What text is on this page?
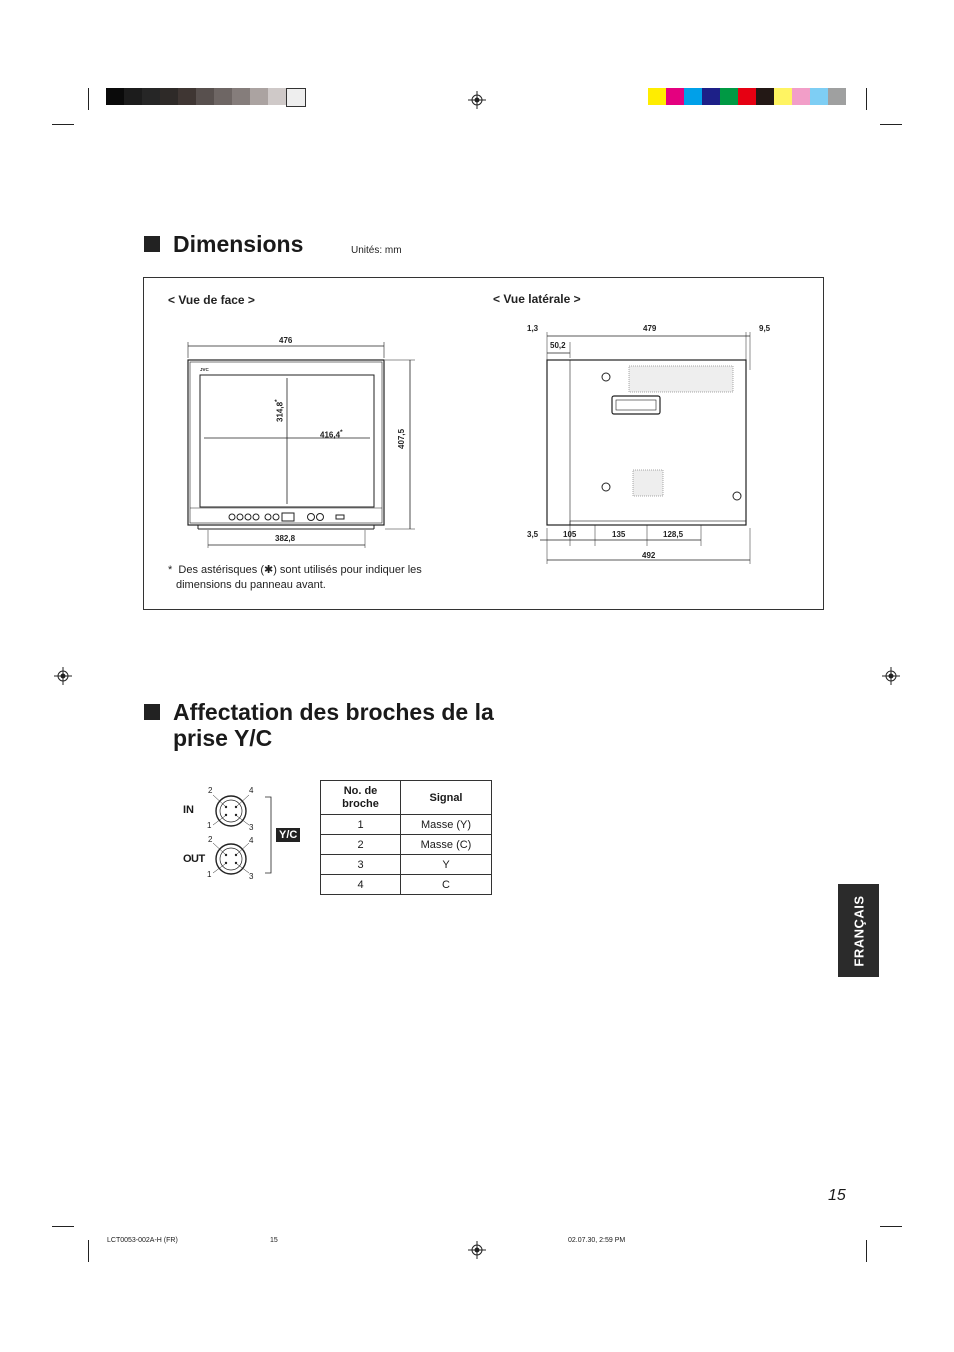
Dimensions	Unités: mm
< Vue de face >	< Vue latérale >
JVC
476
407,5
314,8*
416,4*
382,8
1,3	479	9,5
50,2
3,5	105	135	128,5
492
* Des astérisques (✱) sont utilisés pour indiquer les
dimensions du panneau avant.
Affectation des broches de la
prise Y/C
IN
OUT
2	4
1	3
2	4
1	3
Y/C
No. de broche	Signal
1	Masse (Y)
2	Masse (C)
3	Y
4	C
FRANÇAIS
15
LCT0053-002A-H (FR)	15	02.07.30, 2:59 PM
